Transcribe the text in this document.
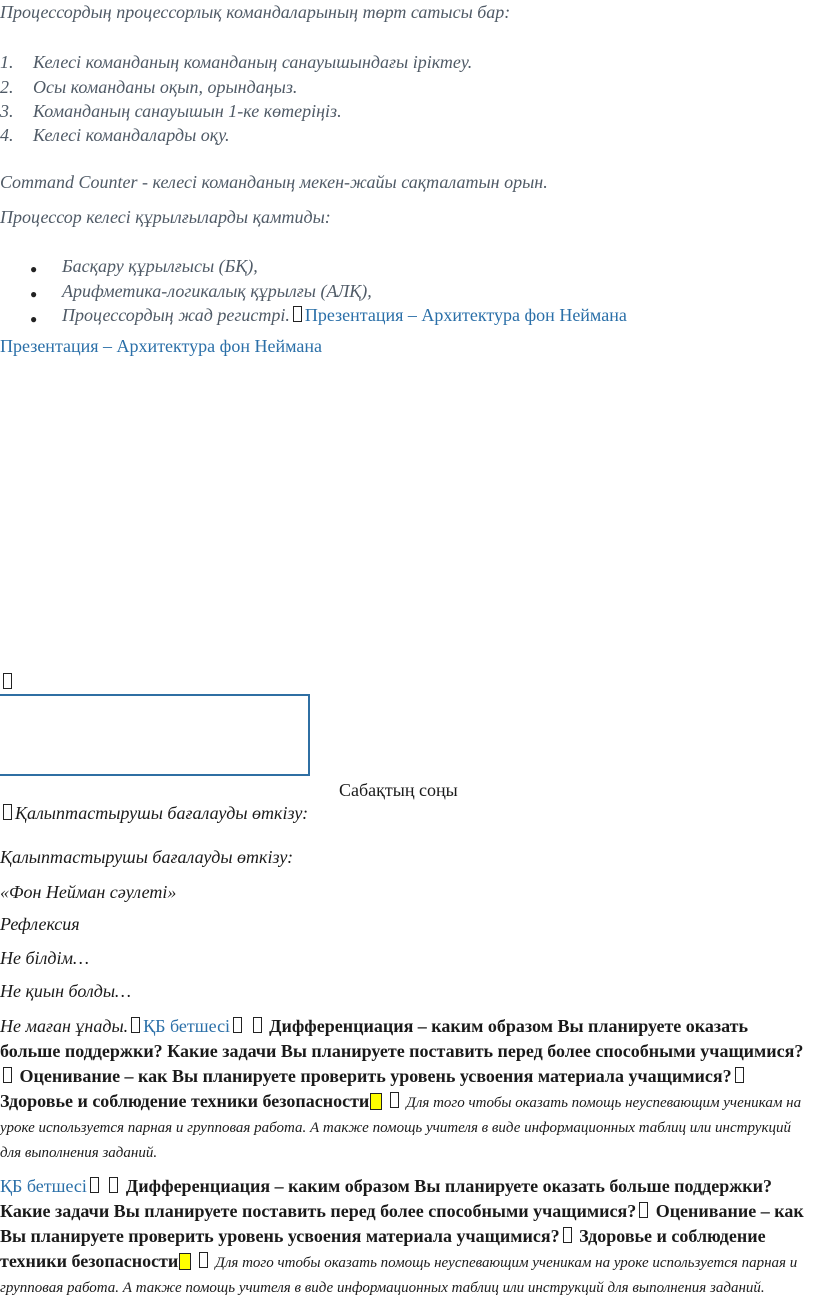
Процессордың процессорлық командаларының төрт сатысы бар:
1. Келесі команданың команданың санауышындағы іріктеу.
2. Осы команданы оқып, орындаңыз.
3. Команданың санауышын 1-ке көтеріңіз.
4. Келесі командаларды оқу.
Command Counter - келесі команданың мекен-жайы сақталатын орын.
Процессор келесі құрылғыларды қамтиды:
● Басқару құрылғысы (БҚ),
● Арифметика-логикалық құрылғы (АЛҚ),
● Процессордың жад регистрі. Презентация – Архитектура фон Неймана
Презентация – Архитектура фон Неймана
Сабақтың соңы
Қалыптастырушы бағалауды өткізу:
Қалыптастырушы бағалауды өткізу:
«Фон Нейман сәулеті»
Рефлексия
Не білдім…
Не қиын болды…
Не маған ұнады. ҚБ бетшесі Дифференциация – каким образом Вы планируете оказать больше поддержки? Какие задачи Вы планируете поставить перед более способными учащимися? Оценивание – как Вы планируете проверить уровень усвоения материала учащимися? Здоровье и соблюдение техники безопасности Для того чтобы оказать помощь неуспевающим ученикам на уроке используется парная и групповая работа. А также помощь учителя в виде информационных таблиц или инструкций для выполнения заданий.
ҚБ бетшесі Дифференциация – каким образом Вы планируете оказать больше поддержки? Какие задачи Вы планируете поставить перед более способными учащимися? Оценивание – как Вы планируете проверить уровень усвоения материала учащимися? Здоровье и соблюдение техники безопасности Для того чтобы оказать помощь неуспевающим ученикам на уроке используется парная и групповая работа. А также помощь учителя в виде информационных таблиц или инструкций для выполнения заданий.
